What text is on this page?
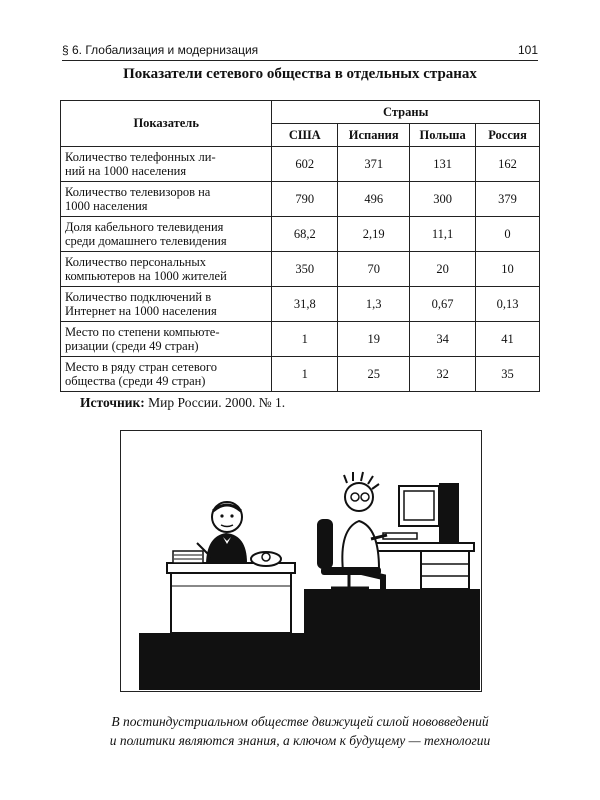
§ 6. Глобализация и модернизация	101
Показатели сетевого общества в отдельных странах
Показатель	Страны			
	США	Испания	Польша	Россия
Количество телефонных ли-
ний на 1000 населения	602	371	131	162
Количество телевизоров на
1000 населения	790	496	300	379
Доля кабельного телевидения
среди домашнего телевидения	68,2	2,19	11,1	0
Количество персональных
компьютеров на 1000 жителей	350	70	20	10
Количество подключений в
Интернет на 1000 населения	31,8	1,3	0,67	0,13
Место по степени компьюте-
ризации (среди 49 стран)	1	19	34	41
Место в ряду стран сетевого
общества (среди 49 стран)	1	25	32	35
Источник: Мир России. 2000. № 1.
В постиндустриальном обществе движущей силой нововведений
и политики являются знания, а ключом к будущему — технологии
